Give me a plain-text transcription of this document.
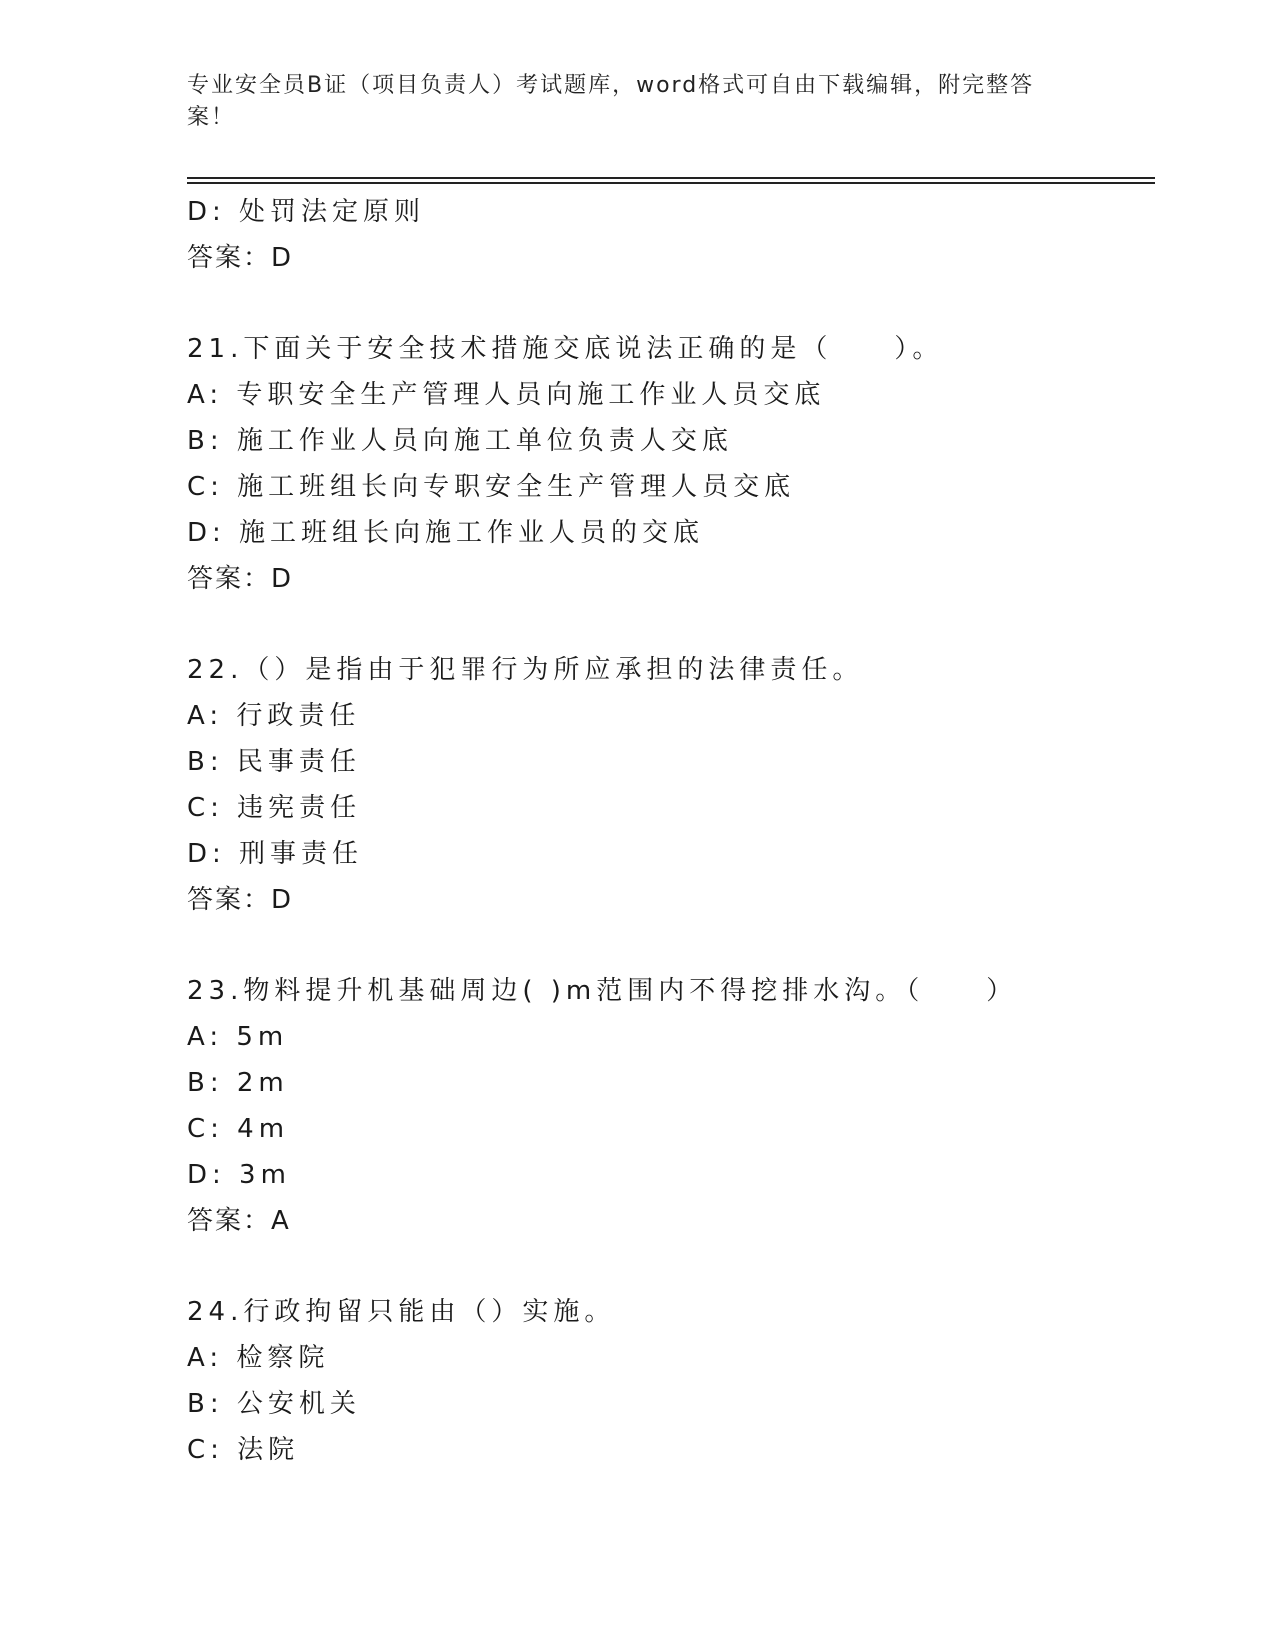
专业安全员B证（项目负责人）考试题库，word格式可自由下载编辑，附完整答案！
D: 处罚法定原则
答案：D
21.下面关于安全技术措施交底说法正确的是（　　）。
A: 专职安全生产管理人员向施工作业人员交底
B: 施工作业人员向施工单位负责人交底
C: 施工班组长向专职安全生产管理人员交底
D: 施工班组长向施工作业人员的交底
答案：D
22.（）是指由于犯罪行为所应承担的法律责任。
A: 行政责任
B: 民事责任
C: 违宪责任
D: 刑事责任
答案：D
23.物料提升机基础周边( )m范围内不得挖排水沟。（　　）
A: 5m
B: 2m
C: 4m
D: 3m
答案：A
24.行政拘留只能由（）实施。
A: 检察院
B: 公安机关
C: 法院
